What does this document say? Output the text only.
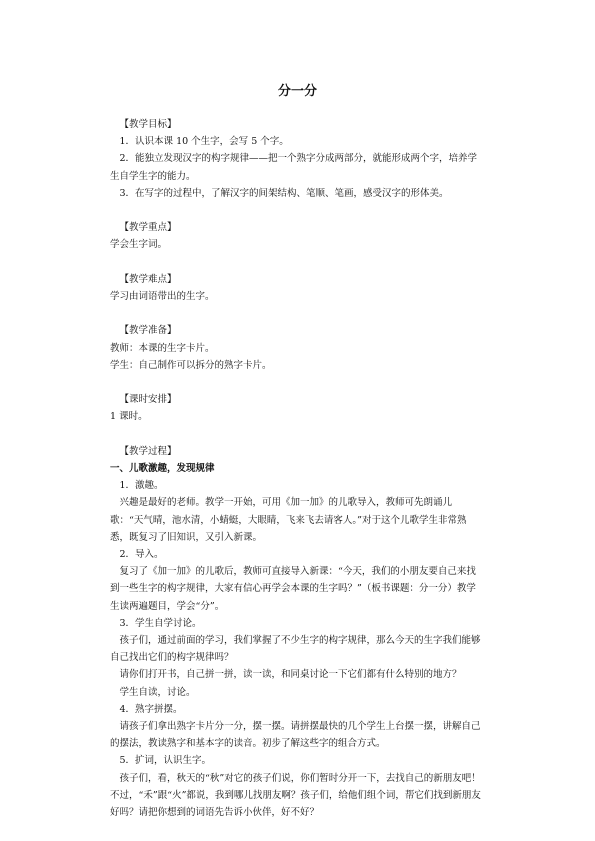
分一分

【教学目标】

1．认识本课 10 个生字，会写 5 个字。

2．能独立发现汉字的构字规律——把一个熟字分成两部分，就能形成两个字，培养学生自学生字的能力。

3．在写字的过程中，了解汉字的间架结构、笔顺、笔画，感受汉字的形体美。

【教学重点】

学会生字词。

【教学难点】

学习由词语带出的生字。

【教学准备】

教师：本课的生字卡片。

学生：自己制作可以拆分的熟字卡片。

【课时安排】

1 课时。

【教学过程】

一、儿歌激趣，发现规律

1．激趣。

兴趣是最好的老师。教学一开始，可用《加一加》的儿歌导入，教师可先朗诵儿歌：“天气晴，池水清，小蜻蜓，大眼睛，飞来飞去请客人。”对于这个儿歌学生非常熟悉，既复习了旧知识，又引入新课。

2．导入。

复习了《加一加》的儿歌后，教师可直接导入新课：“今天，我们的小朋友要自己来找到一些生字的构字规律，大家有信心再学会本课的生字吗？”（板书课题：分一分）教学生读两遍题目，学会“分”。

3．学生自学讨论。

孩子们，通过前面的学习，我们掌握了不少生字的构字规律，那么今天的生字我们能够自己找出它们的构字规律吗？

请你们打开书，自己拼一拼，读一读，和同桌讨论一下它们都有什么特别的地方？

学生自读，讨论。

4．熟字拼摆。

请孩子们拿出熟字卡片分一分，摆一摆。请拼摆最快的几个学生上台摆一摆，讲解自己的摆法，教读熟字和基本字的读音。初步了解这些字的组合方式。

5．扩词，认识生字。

孩子们，看，秋天的“秋”对它的孩子们说，你们暂时分开一下，去找自己的新朋友吧！不过，“禾”跟“火”都说，我到哪儿找朋友啊？孩子们，给他们组个词，帮它们找到新朋友好吗？请把你想到的词语先告诉小伙伴，好不好？
